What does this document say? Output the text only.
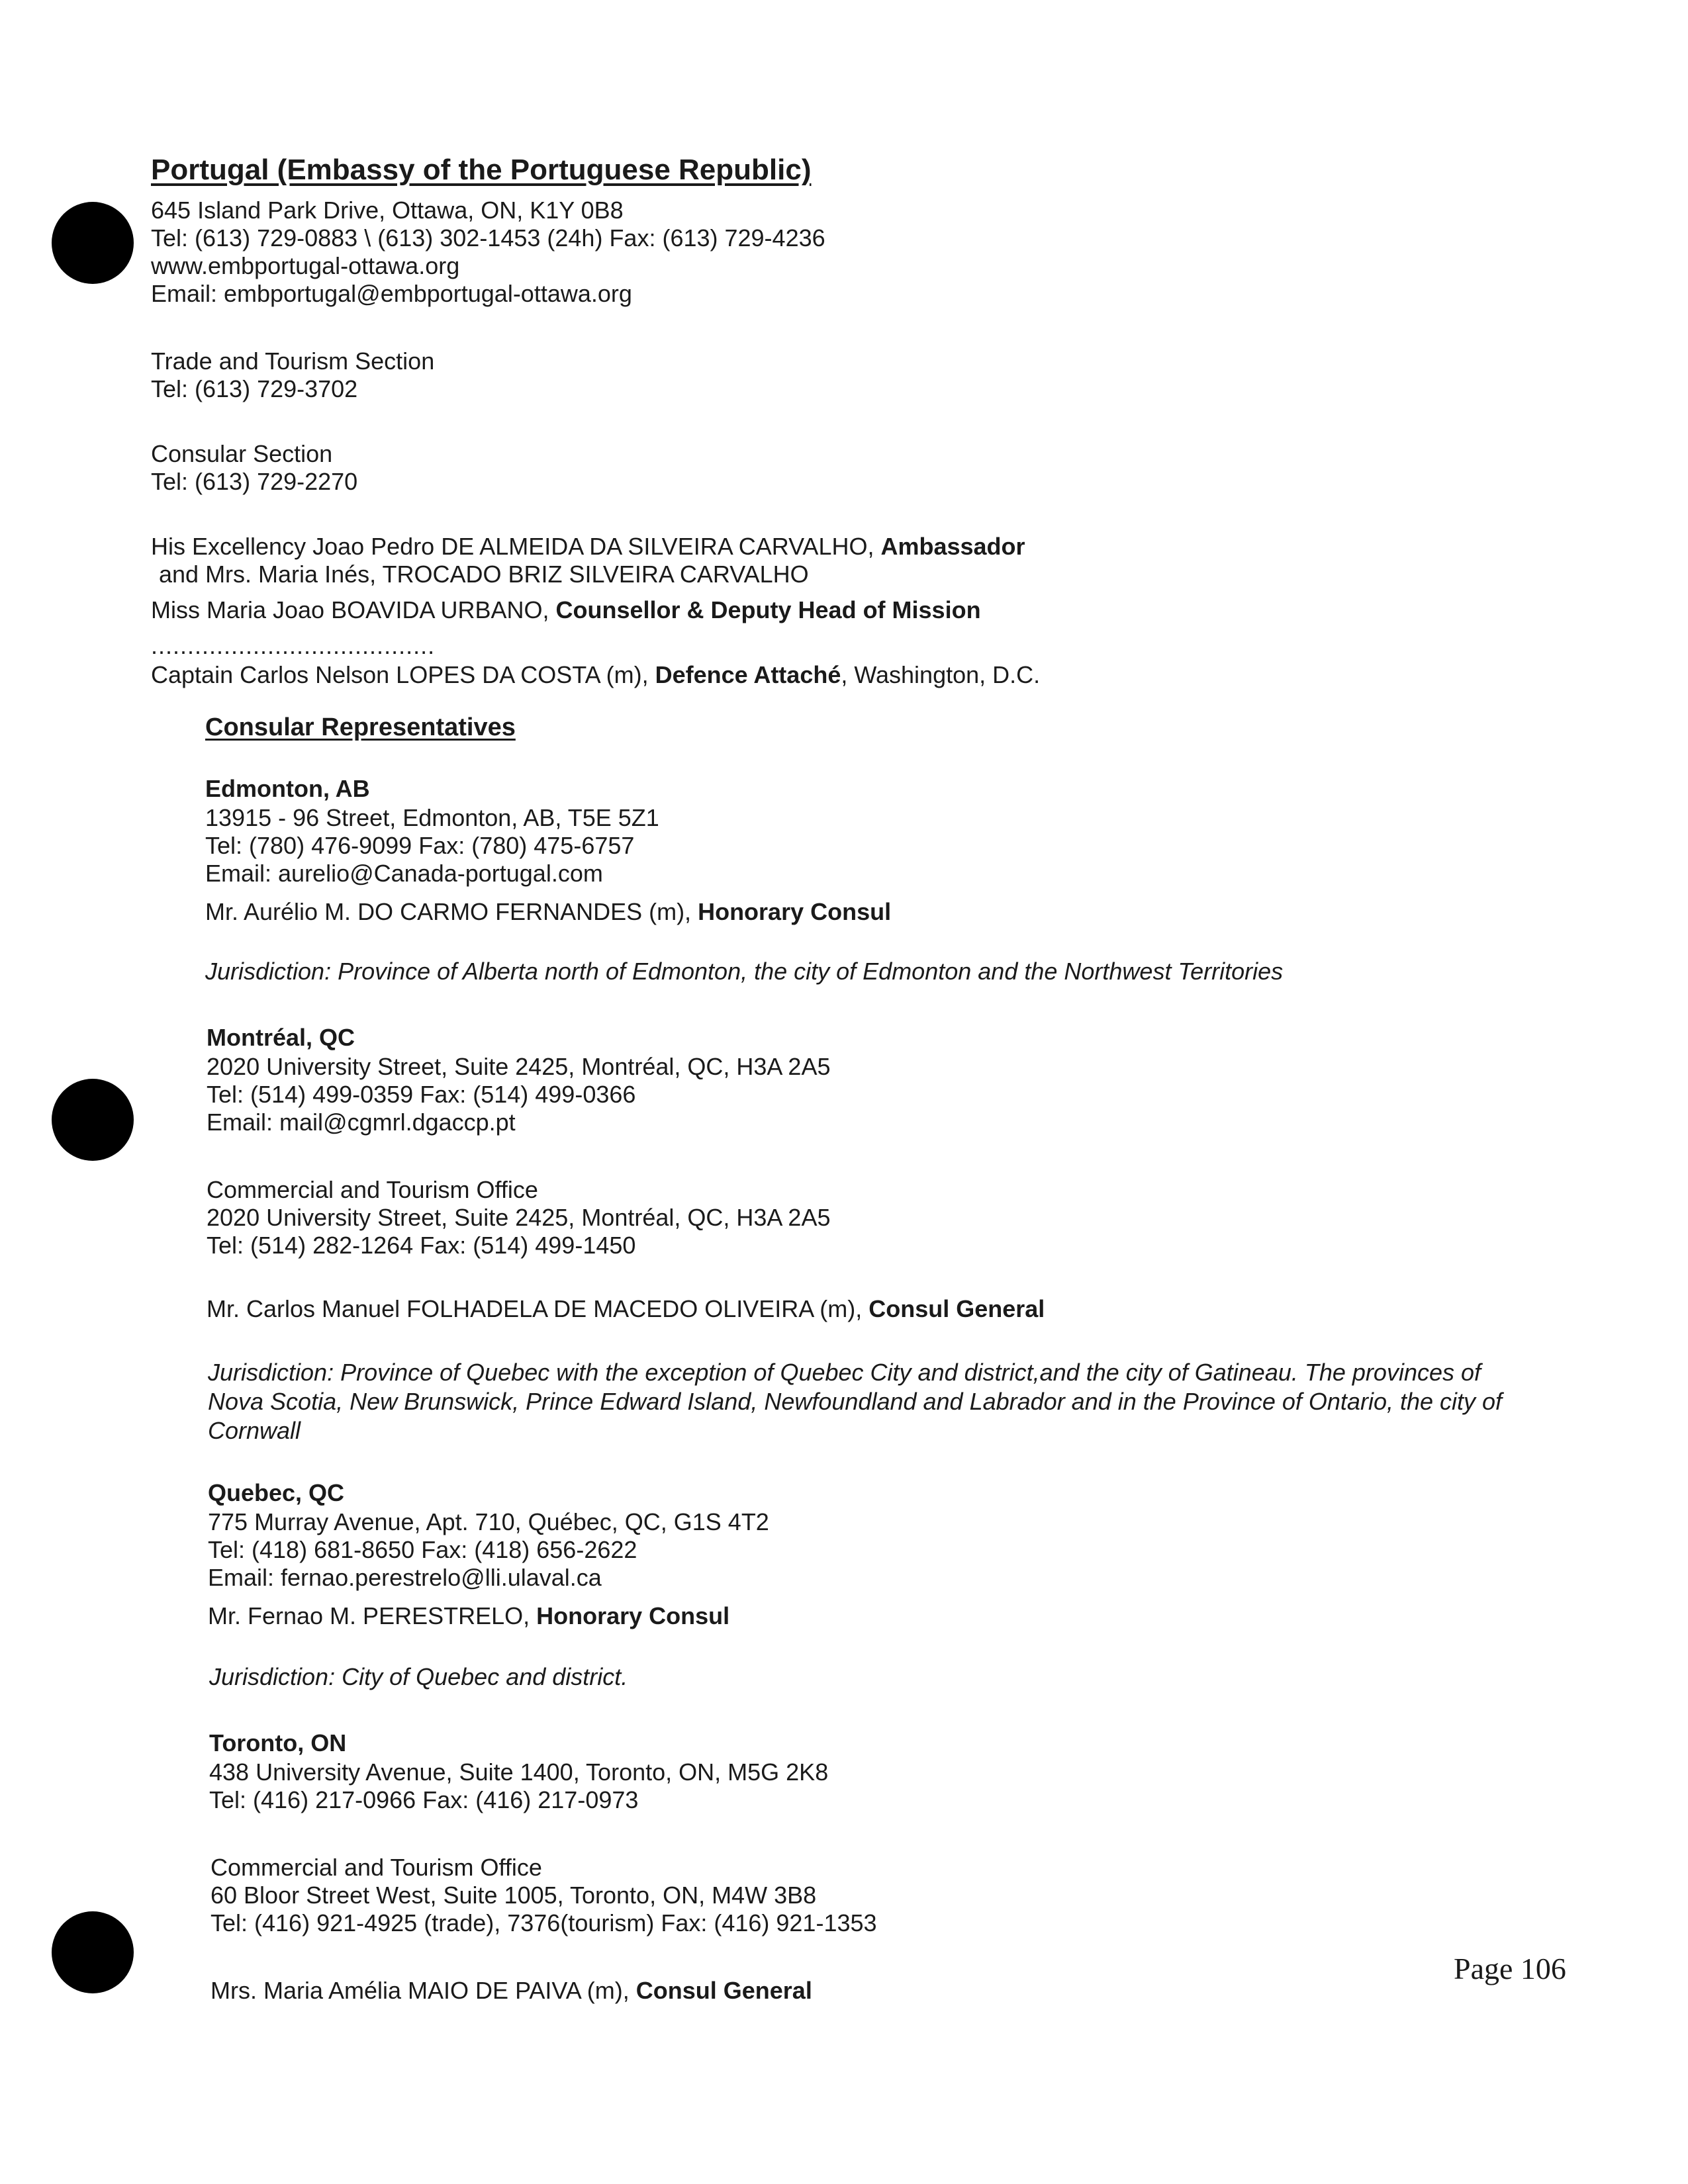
Portugal (Embassy of the Portuguese Republic)
645 Island Park Drive, Ottawa, ON, K1Y 0B8
Tel: (613) 729-0883 \ (613) 302-1453 (24h) Fax: (613) 729-4236
www.embportugal-ottawa.org
Email: embportugal@embportugal-ottawa.org
Trade and Tourism Section
Tel: (613) 729-3702
Consular Section
Tel: (613) 729-2270
His Excellency Joao Pedro DE ALMEIDA DA SILVEIRA CARVALHO, Ambassador
and Mrs. Maria Inés, TROCADO BRIZ SILVEIRA CARVALHO
Miss Maria Joao BOAVIDA URBANO, Counsellor & Deputy Head of Mission
.......................................
Captain Carlos Nelson LOPES DA COSTA (m), Defence Attaché, Washington, D.C.
Consular Representatives
Edmonton, AB
13915 - 96 Street, Edmonton, AB, T5E 5Z1
Tel: (780) 476-9099 Fax: (780) 475-6757
Email: aurelio@Canada-portugal.com
Mr. Aurélio M. DO CARMO FERNANDES (m), Honorary Consul
Jurisdiction: Province of Alberta north of Edmonton, the city of Edmonton and the Northwest Territories
Montréal, QC
2020 University Street, Suite 2425, Montréal, QC, H3A 2A5
Tel: (514) 499-0359 Fax: (514) 499-0366
Email: mail@cgmrl.dgaccp.pt
Commercial and Tourism Office
2020 University Street, Suite 2425, Montréal, QC, H3A 2A5
Tel: (514) 282-1264 Fax: (514) 499-1450
Mr. Carlos Manuel FOLHADELA DE MACEDO OLIVEIRA (m), Consul General
Jurisdiction: Province of Quebec with the exception of Quebec City and district,and the city of Gatineau. The provinces of Nova Scotia, New Brunswick, Prince Edward Island, Newfoundland and Labrador and in the Province of Ontario, the city of Cornwall
Quebec, QC
775 Murray Avenue, Apt. 710, Québec, QC, G1S 4T2
Tel: (418) 681-8650 Fax: (418) 656-2622
Email: fernao.perestrelo@lli.ulaval.ca
Mr. Fernao M. PERESTRELO, Honorary Consul
Jurisdiction: City of Quebec and district.
Toronto, ON
438 University Avenue, Suite 1400, Toronto, ON, M5G 2K8
Tel: (416) 217-0966 Fax: (416) 217-0973
Commercial and Tourism Office
60 Bloor Street West, Suite 1005, Toronto, ON, M4W 3B8
Tel: (416) 921-4925 (trade), 7376(tourism) Fax: (416) 921-1353
Mrs. Maria Amélia MAIO DE PAIVA (m), Consul General
Page 106
